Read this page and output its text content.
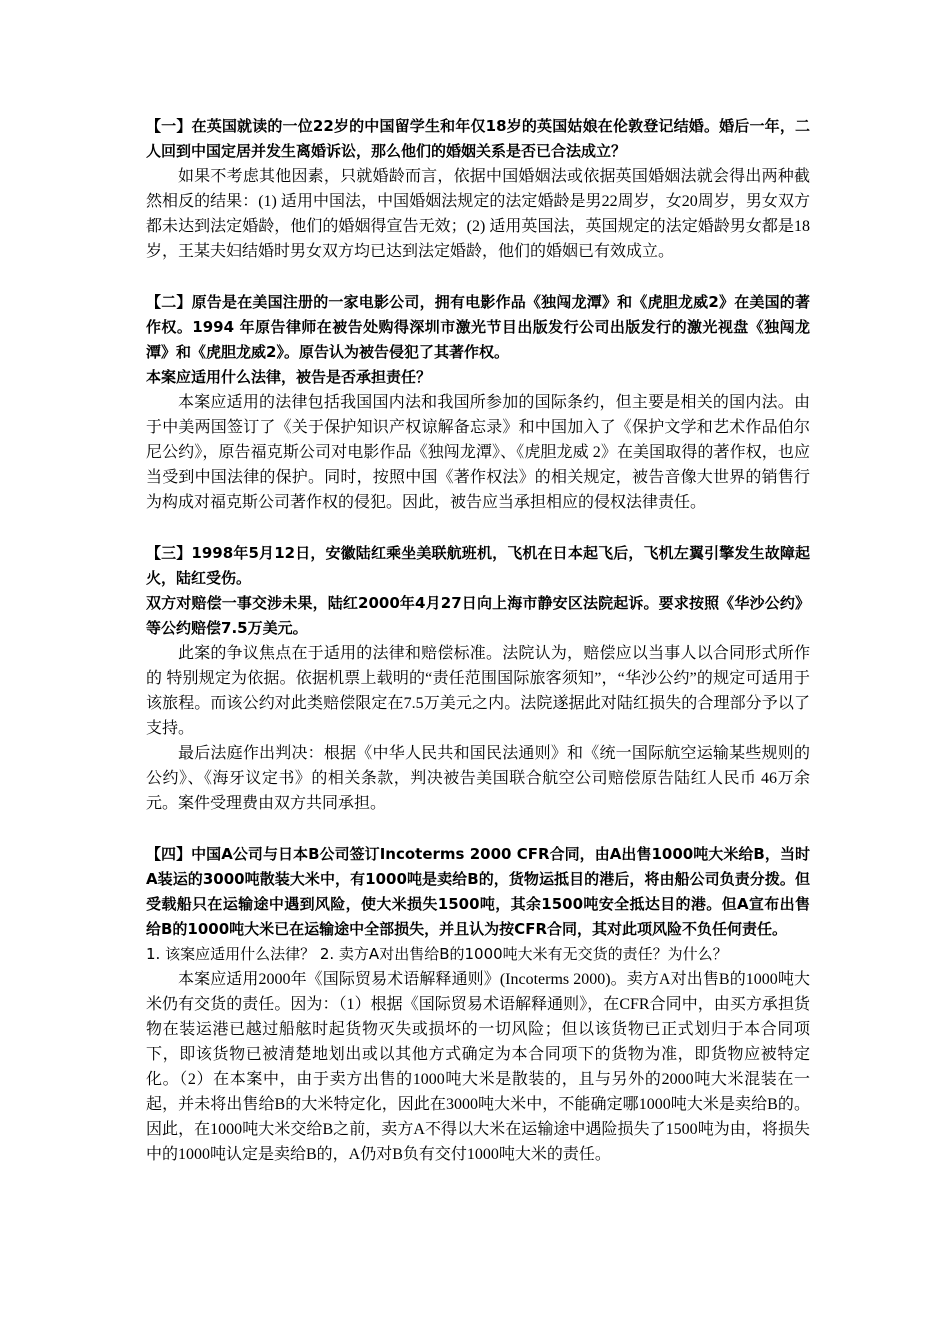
【一】在英国就读的一位22岁的中国留学生和年仅18岁的英国姑娘在伦敦登记结婚。婚后一年，二人回到中国定居并发生离婚诉讼，那么他们的婚姻关系是否已合法成立？

如果不考虑其他因素，只就婚龄而言，依据中国婚姻法或依据英国婚姻法就会得出两种截然相反的结果：(1) 适用中国法，中国婚姻法规定的法定婚龄是男22周岁，女20周岁，男女双方都未达到法定婚龄，他们的婚姻得宣告无效；(2) 适用英国法，英国规定的法定婚龄男女都是18岁，王某夫妇结婚时男女双方均已达到法定婚龄，他们的婚姻已有效成立。

【二】原告是在美国注册的一家电影公司，拥有电影作品《独闯龙潭》和《虎胆龙威2》在美国的著作权。1994 年原告律师在被告处购得深圳市激光节目出版发行公司出版发行的激光视盘《独闯龙潭》和《虎胆龙威2》。原告认为被告侵犯了其著作权。

本案应适用什么法律，被告是否承担责任？

本案应适用的法律包括我国国内法和我国所参加的国际条约，但主要是相关的国内法。由于中美两国签订了《关于保护知识产权谅解备忘录》和中国加入了《保护文学和艺术作品伯尔尼公约》，原告福克斯公司对电影作品《独闯龙潭》、《虎胆龙威 2》在美国取得的著作权，也应当受到中国法律的保护。同时，按照中国《著作权法》的相关规定，被告音像大世界的销售行为构成对福克斯公司著作权的侵犯。因此，被告应当承担相应的侵权法律责任。

【三】1998年5月12日，安徽陆红乘坐美联航班机，飞机在日本起飞后，飞机左翼引擎发生故障起火，陆红受伤。

双方对赔偿一事交涉未果，陆红2000年4月27日向上海市静安区法院起诉。要求按照《华沙公约》等公约赔偿7.5万美元。

此案的争议焦点在于适用的法律和赔偿标准。法院认为，赔偿应以当事人以合同形式所作的 特别规定为依据。依据机票上载明的“责任范围国际旅客须知”，“华沙公约”的规定可适用于该旅程。而该公约对此类赔偿限定在7.5万美元之内。法院遂据此对陆红损失的合理部分予以了支持。

最后法庭作出判决：根据《中华人民共和国民法通则》和《统一国际航空运输某些规则的公约》、《海牙议定书》的相关条款，判决被告美国联合航空公司赔偿原告陆红人民币 46万余元。案件受理费由双方共同承担。

【四】中国A公司与日本B公司签订Incoterms 2000 CFR合同，由A出售1000吨大米给B，当时A装运的3000吨散装大米中，有1000吨是卖给B的，货物运抵目的港后，将由船公司负责分拨。但受载船只在运输途中遇到风险，使大米损失1500吨，其余1500吨安全抵达目的港。但A宣布出售给B的1000吨大米已在运输途中全部损失，并且认为按CFR合同，其对此项风险不负任何责任。

1. 该案应适用什么法律？ 2. 卖方A对出售给B的1000吨大米有无交货的责任？为什么？

本案应适用2000年《国际贸易术语解释通则》(Incoterms 2000)。卖方A对出售B的1000吨大米仍有交货的责任。因为：（1）根据《国际贸易术语解释通则》，在CFR合同中，由买方承担货物在装运港已越过船舷时起货物灭失或损坏的一切风险；但以该货物已正式划归于本合同项下，即该货物已被清楚地划出或以其他方式确定为本合同项下的货物为准，即货物应被特定化。（2）在本案中，由于卖方出售的1000吨大米是散装的，且与另外的2000吨大米混装在一起，并未将出售给B的大米特定化，因此在3000吨大米中，不能确定哪1000吨大米是卖给B的。因此，在1000吨大米交给B之前，卖方A不得以大米在运输途中遇险损失了1500吨为由，将损失中的1000吨认定是卖给B的，A仍对B负有交付1000吨大米的责任。
